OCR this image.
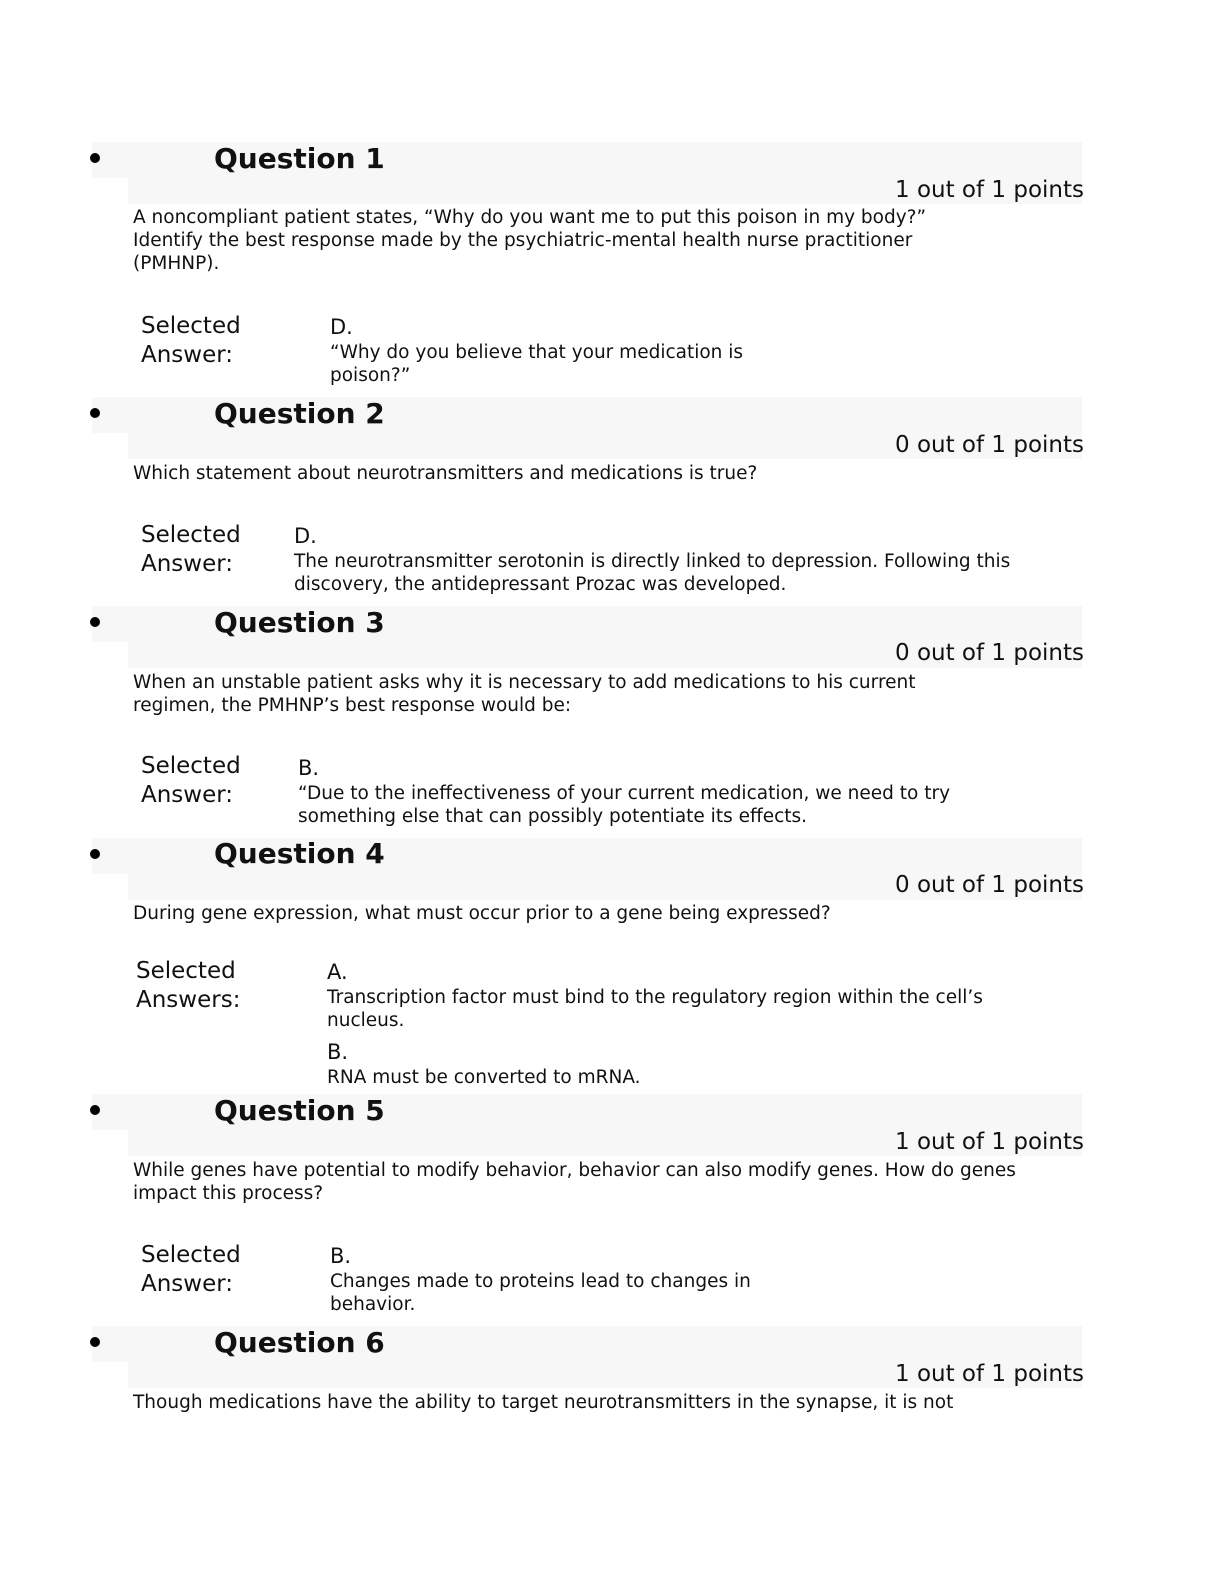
Question 1
1 out of 1 points
A noncompliant patient states, “Why do you want me to put this poison in my body?” Identify the best response made by the psychiatric-mental health nurse practitioner (PMHNP).
Selected Answer:
D.
“Why do you believe that your medication is poison?”
Question 2
0 out of 1 points
Which statement about neurotransmitters and medications is true?
Selected Answer:
D.
The neurotransmitter serotonin is directly linked to depression. Following this discovery, the antidepressant Prozac was developed.
Question 3
0 out of 1 points
When an unstable patient asks why it is necessary to add medications to his current regimen, the PMHNP’s best response would be:
Selected Answer:
B.
“Due to the ineffectiveness of your current medication, we need to try something else that can possibly potentiate its effects.
Question 4
0 out of 1 points
During gene expression, what must occur prior to a gene being expressed?
Selected Answers:
A.
Transcription factor must bind to the regulatory region within the cell’s nucleus.
B.
RNA must be converted to mRNA.
Question 5
1 out of 1 points
While genes have potential to modify behavior, behavior can also modify genes. How do genes impact this process?
Selected Answer:
B.
Changes made to proteins lead to changes in behavior.
Question 6
1 out of 1 points
Though medications have the ability to target neurotransmitters in the synapse, it is not
